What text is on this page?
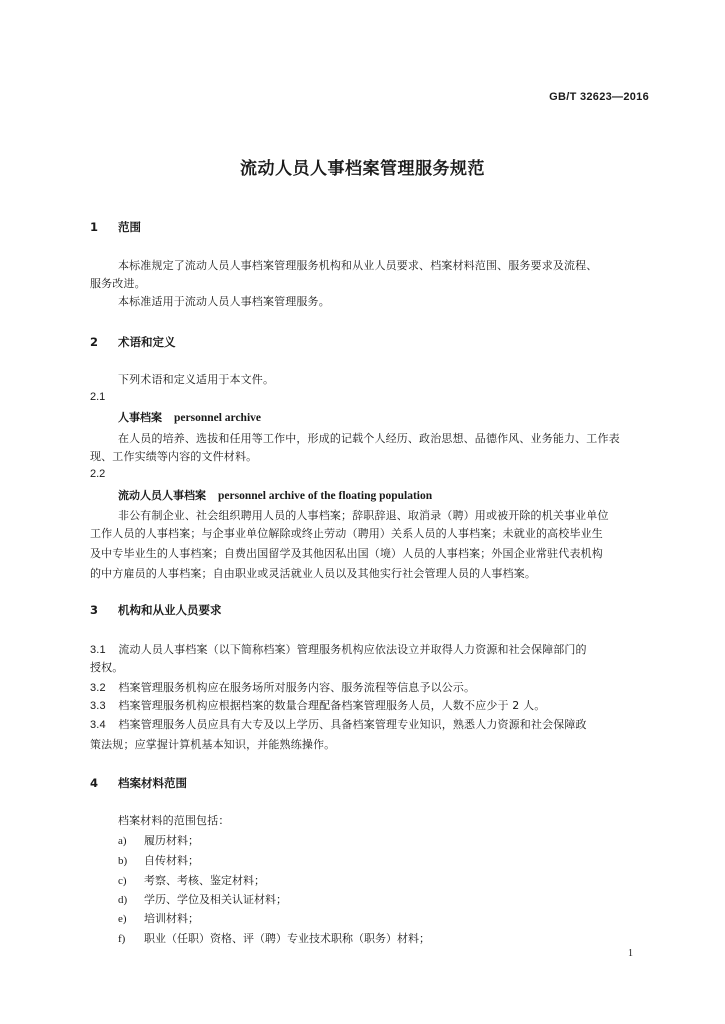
GB/T 32623—2016
流动人员人事档案管理服务规范
1 范围
本标准规定了流动人员人事档案管理服务机构和从业人员要求、档案材料范围、服务要求及流程、
服务改进。
本标准适用于流动人员人事档案管理服务。
2 术语和定义
下列术语和定义适用于本文件。
2.1
人事档案 personnel archive
在人员的培养、选拔和任用等工作中，形成的记载个人经历、政治思想、品德作风、业务能力、工作表
现、工作实绩等内容的文件材料。
2.2
流动人员人事档案 personnel archive of the floating population
非公有制企业、社会组织聘用人员的人事档案；辞职辞退、取消录（聘）用或被开除的机关事业单位
工作人员的人事档案；与企事业单位解除或终止劳动（聘用）关系人员的人事档案；未就业的高校毕业生
及中专毕业生的人事档案；自费出国留学及其他因私出国（境）人员的人事档案；外国企业常驻代表机构
的中方雇员的人事档案；自由职业或灵活就业人员以及其他实行社会管理人员的人事档案。
3 机构和从业人员要求
3.1 流动人员人事档案（以下简称档案）管理服务机构应依法设立并取得人力资源和社会保障部门的
授权。
3.2 档案管理服务机构应在服务场所对服务内容、服务流程等信息予以公示。
3.3 档案管理服务机构应根据档案的数量合理配备档案管理服务人员，人数不应少于 2 人。
3.4 档案管理服务人员应具有大专及以上学历、具备档案管理专业知识，熟悉人力资源和社会保障政
策法规；应掌握计算机基本知识，并能熟练操作。
4 档案材料范围
档案材料的范围包括：
a) 履历材料；
b) 自传材料；
c) 考察、考核、鉴定材料；
d) 学历、学位及相关认证材料；
e) 培训材料；
f) 职业（任职）资格、评（聘）专业技术职称（职务）材料；
1
